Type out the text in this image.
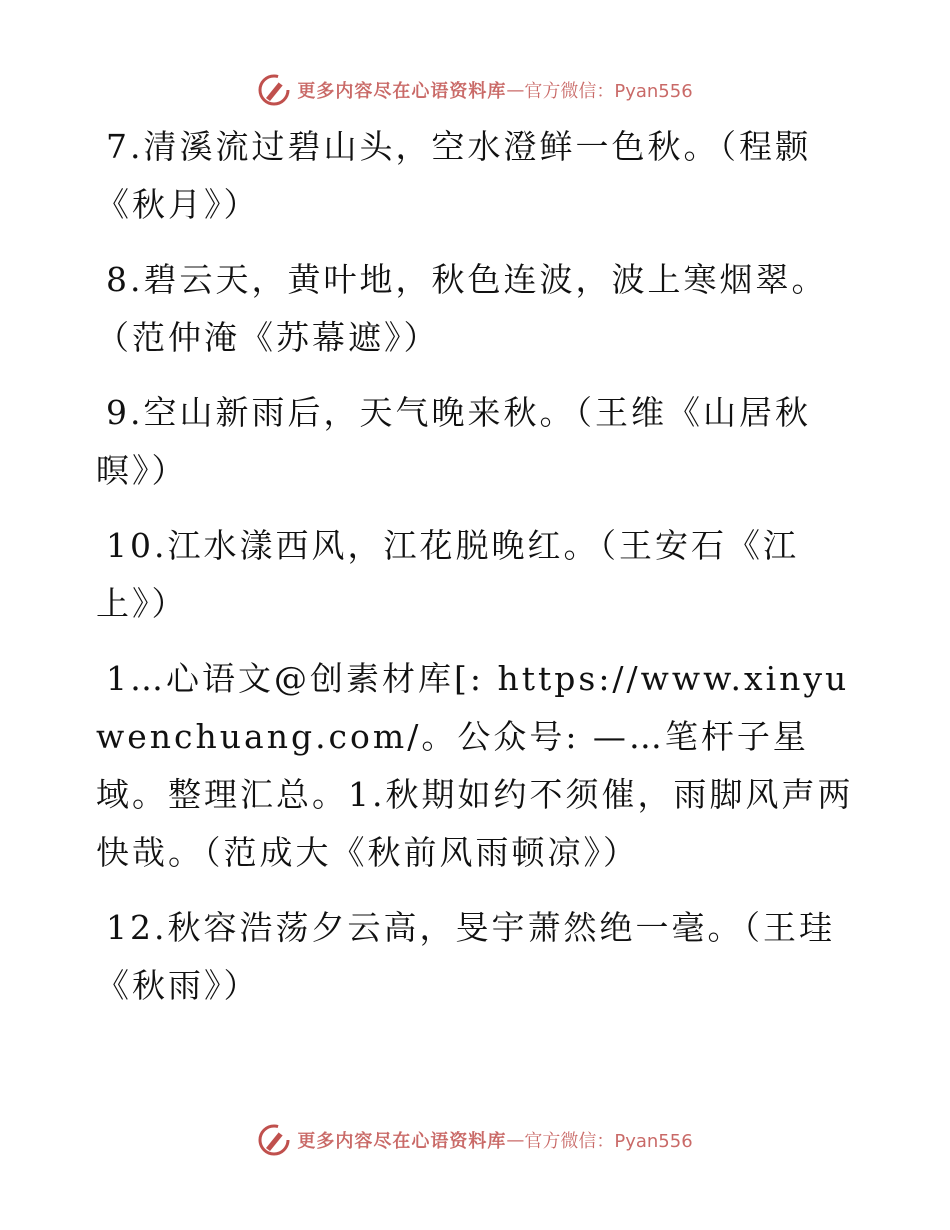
更多内容尽在心语资料库 — 官方微信：Pyan556

7.清溪流过碧山头，空水澄鲜一色秋。（程颢《秋月》）

8.碧云天，黄叶地，秋色连波，波上寒烟翠。（范仲淹《苏幕遮》）

9.空山新雨后，天气晚来秋。（王维《山居秋暝》）

10.江水漾西风，江花脱晚红。（王安石《江上》）

1…心语文@创素材库[: https://www.xinyuwenchuang.com/。公众号: —…笔杆子星域。整理汇总。1.秋期如约不须催，雨脚风声两快哉。（范成大《秋前风雨顿凉》）

12.秋容浩荡夕云高，旻宇萧然绝一毫。（王珪《秋雨》）

更多内容尽在心语资料库 — 官方微信：Pyan556
